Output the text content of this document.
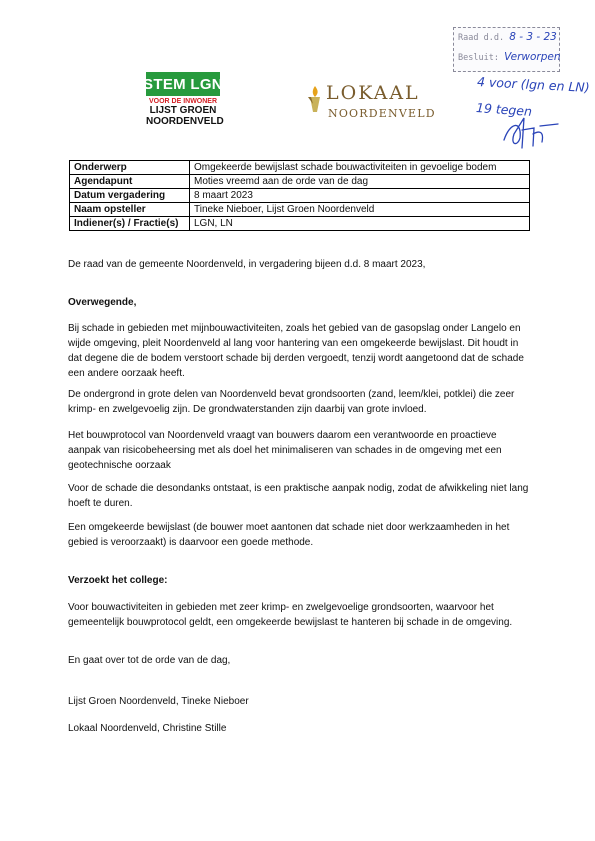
Raad d.d. 8 - 3 - 23
Besluit: Verworpen
4 voor (lgn en LN)
19 tegen
STEM LGN
VOOR DE INWONER
LIJST GROEN
NOORDENVELD
LOKAAL
NOORDENVELD
Onderwerp	Omgekeerde bewijslast schade bouwactiviteiten in gevoelige bodem
Agendapunt	Moties vreemd aan de orde van de dag
Datum vergadering	8 maart 2023
Naam opsteller	Tineke Nieboer, Lijst Groen Noordenveld
Indiener(s) / Fractie(s)	LGN, LN
De raad van de gemeente Noordenveld, in vergadering bijeen d.d. 8 maart 2023,
Overwegende,
Bij schade in gebieden met mijnbouwactiviteiten, zoals het gebied van de gasopslag onder Langelo en wijde omgeving, pleit Noordenveld al lang voor hantering van een omgekeerde bewijslast. Dit houdt in dat degene die de bodem verstoort schade bij derden vergoedt, tenzij wordt aangetoond dat de schade een andere oorzaak heeft.
De ondergrond in grote delen van Noordenveld bevat grondsoorten (zand, leem/klei, potklei) die zeer krimp- en zwelgevoelig zijn. De grondwaterstanden zijn daarbij van grote invloed.
Het bouwprotocol van Noordenveld vraagt van bouwers daarom een verantwoorde en proactieve aanpak van risicobeheersing met als doel het minimaliseren van schades in de omgeving met een geotechnische oorzaak
Voor de schade die desondanks ontstaat, is een praktische aanpak nodig, zodat de afwikkeling niet lang hoeft te duren.
Een omgekeerde bewijslast (de bouwer moet aantonen dat schade niet door werkzaamheden in het gebied is veroorzaakt) is daarvoor een goede methode.
Verzoekt het college:
Voor bouwactiviteiten in gebieden met zeer krimp- en zwelgevoelige grondsoorten, waarvoor het gemeentelijk bouwprotocol geldt, een omgekeerde bewijslast te hanteren bij schade in de omgeving.
En gaat over tot de orde van de dag,
Lijst Groen Noordenveld, Tineke Nieboer
Lokaal Noordenveld, Christine Stille
